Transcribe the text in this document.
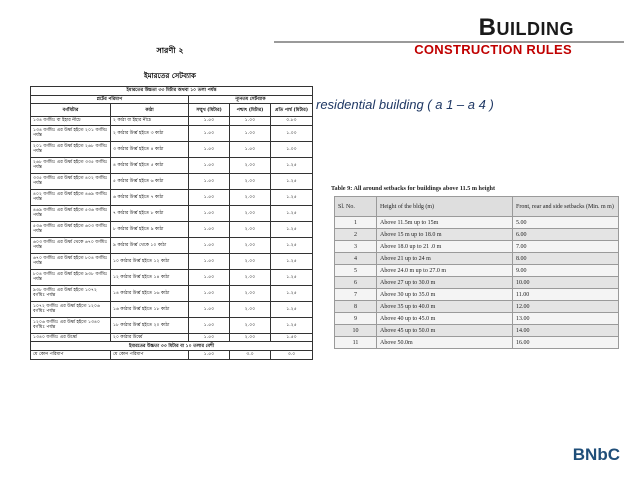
BUILDING
CONSTRUCTION RULES
residential building ( a 1 – a 4 )
সারণী ২
ইমারতের সেটব্যাক
ইমারতের উচ্চতা ৩৩ মিটার অথবা ১০ তলা পর্যন্ত				
প্লটের পরিমাপ		ন্যূনতম সেটব্যাক		
বর্গমিটার	কাঠা	সম্মুখ (মিটার)	পশ্চাৎ (মিটার)	প্রতি পার্শ্ব (মিটার)
১৩৪ বর্গমিঃ বা ইহার নীচে	২ কাঠা বা ইহার নীচে	১.৫০	১.০০	০.৮০
১৩৪ বর্গমিঃ এর উর্ধ্ব হইতে ২০১ বর্গমিঃ পর্যন্ত	২ কাঠার উর্ধ্ব হইতে ৩ কাঠা	১.৫০	১.০০	১.০০
২০১ বর্গমিঃ এর উর্ধ্ব হইতে ২৬৮ বর্গমিঃ পর্যন্ত	৩ কাঠার উর্ধ্ব হইতে ৪ কাঠা	১.৫০	১.৫০	১.০০
২৬৮ বর্গমিঃ এর উর্ধ্ব হইতে ৩৩৫ বর্গমিঃ পর্যন্ত	৪ কাঠার উর্ধ্ব হইতে ৫ কাঠা	১.৫০	২.০০	১.২৫
৩৩৫ বর্গমিঃ এর উর্ধ্ব হইতে ৪০২ বর্গমিঃ পর্যন্ত	৫ কাঠার উর্ধ্ব হইতে ৬ কাঠা	১.৫০	২.০০	১.২৫
৪০২ বর্গমিঃ এর উর্ধ্ব হইতে ৪৬৯ বর্গমিঃ পর্যন্ত	৬ কাঠার উর্ধ্ব হইতে ৭ কাঠা	১.৫০	২.০০	১.২৫
৪৬৯ বর্গমিঃ এর উর্ধ্ব হইতে ৫৩৬ বর্গমিঃ পর্যন্ত	৭ কাঠার উর্ধ্ব হইতে ৮ কাঠা	১.৫০	২.০০	১.২৫
৫৩৬ বর্গমিঃ এর উর্ধ্ব হইতে ৬০৩ বর্গমিঃ পর্যন্ত	৮ কাঠার উর্ধ্ব হইতে ৯ কাঠা	১.৫০	২.০০	১.২৫
৬০৩ বর্গমিঃ এর উর্ধ্ব থেকে ৬৭০ বর্গমিঃ পর্যন্ত	৯ কাঠার উর্ধ্ব থেকে ১০ কাঠা	১.৫০	২.০০	১.২৫
৬৭০ বর্গমিঃ এর উর্ধ্ব হইতে ৮০৪ বর্গমিঃ পর্যন্ত	১০ কাঠার উর্ধ্ব হইতে ১২ কাঠা	১.৫০	২.০০	১.২৫
৮০৪ বর্গমিঃ এর উর্ধ্ব হইতে ৯৩৮ বর্গমিঃ পর্যন্ত	১২ কাঠার উর্ধ্ব হইতে ১৪ কাঠা	১.৫০	২.০০	১.২৫
৯৩৮ বর্গমিঃ এর উর্ধ্ব হইতে ১০৭২ বর্গমিঃ পর্যন্ত	১৪ কাঠার উর্ধ্ব হইতে ১৬ কাঠা	১.৫০	২.০০	১.২৫
১০৭২ বর্গমিঃ এর উর্ধ্ব হইতে ১২০৬ বর্গমিঃ পর্যন্ত	১৬ কাঠার উর্ধ্ব হইতে ১৮ কাঠা	১.৫০	২.০০	১.২৫
১২০৬ বর্গমিঃ এর উর্ধ্ব হইতে ১৩৪০ বর্গমিঃ পর্যন্ত	১৮ কাঠার উর্ধ্ব হইতে ২০ কাঠা	১.৫০	২.০০	১.২৫
১৩৪০ বর্গমিঃ এর উর্ধ্বে	২০ কাঠার উর্ধ্বে	১.৫০	২.০০	১.৫০
ইমারতের উচ্চতা ৩৩ মিটার বা ১০ তলার বেশী				
যে কোন পরিমাপ	যে কোন পরিমাপ	১.৫০	৩.০	৩.০
Table 9: All around setbacks for buildings above 11.5 m height
Sl. No.	Height of the bldg (m)	Front, rear and side setbacks (Min. m m)
1	Above 11.5m up to 15m	5.00
2	Above 15 m up to 18.0 m	6.00
3	Above 18.0 up to 21 .0 m	7.00
4	Above 21 up to 24 m	8.00
5	Above 24.0 m up to 27.0 m	9.00
6	Above 27 up to 30.0 m	10.00
7	Above 30 up to 35.0 m	11.00
8	Above 35 up to 40.0 m	12.00
9	Above 40 up to 45.0 m	13.00
10	Above 45 up to 50.0 m	14.00
11	Above 50.0m	16.00
BNbC
